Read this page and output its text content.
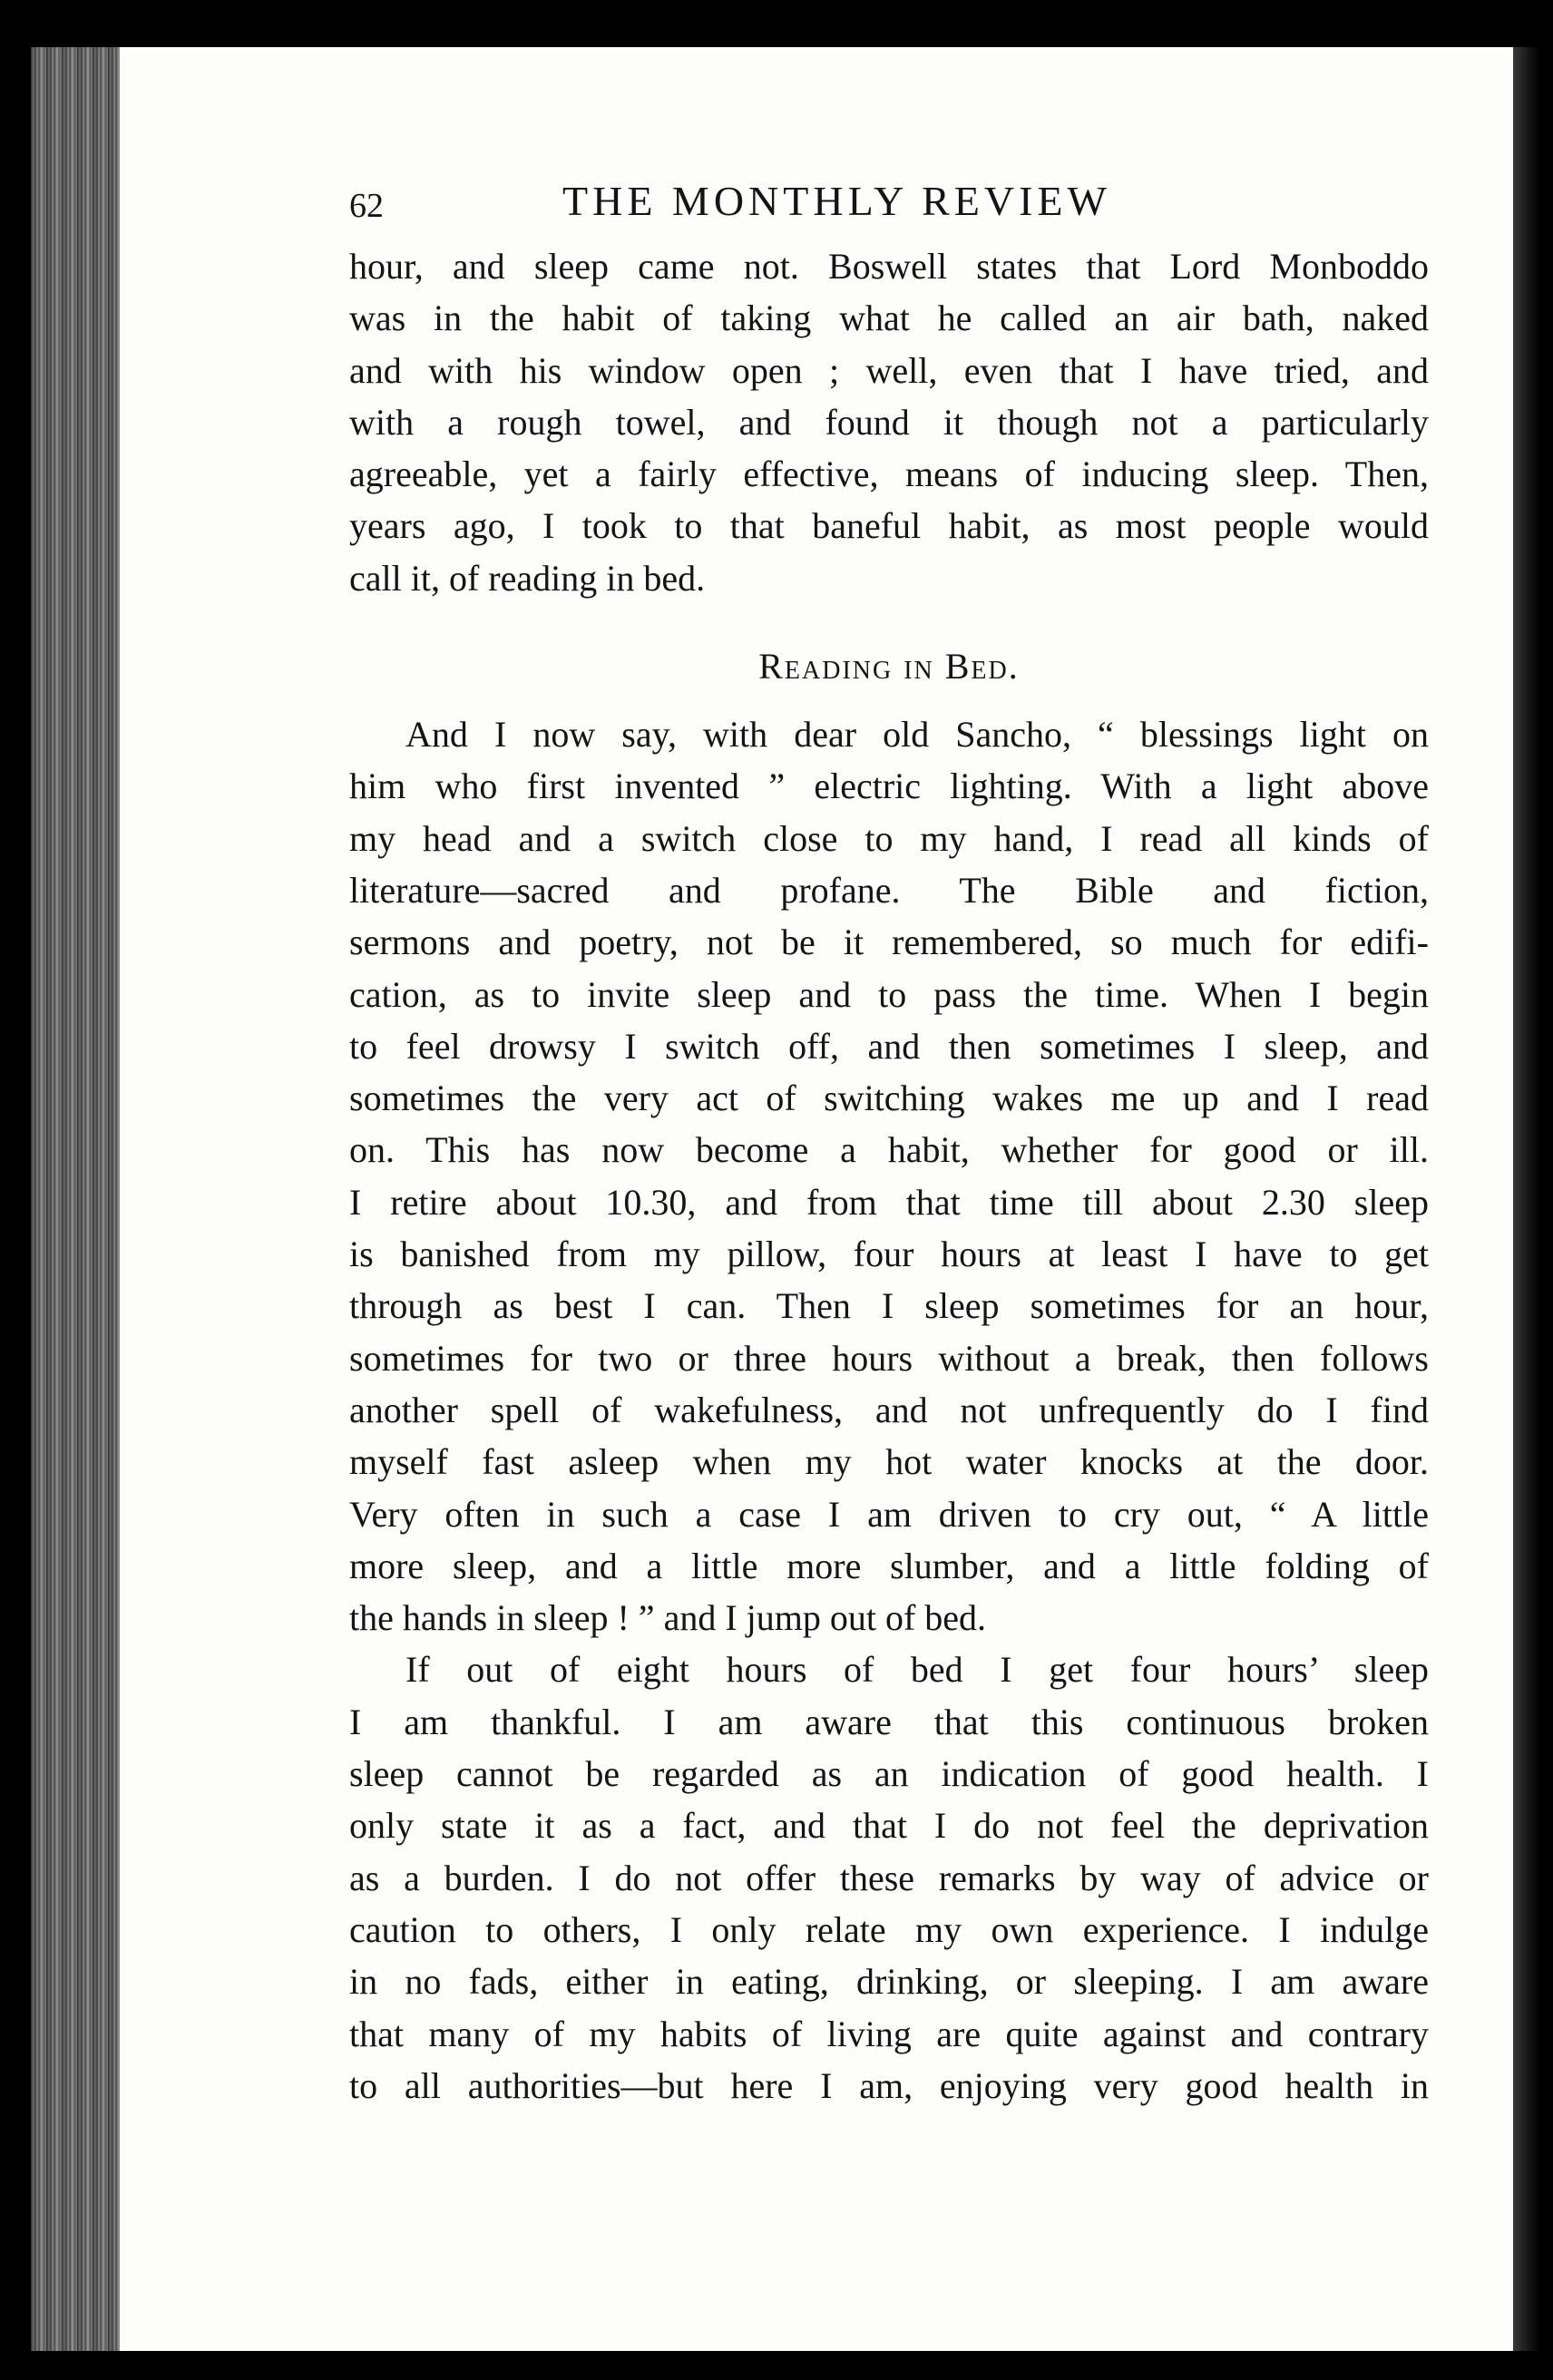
62	THE MONTHLY REVIEW

hour, and sleep came not. Boswell states that Lord Monboddo
was in the habit of taking what he called an air bath, naked
and with his window open ; well, even that I have tried, and
with a rough towel, and found it though not a particularly
agreeable, yet a fairly effective, means of inducing sleep. Then,
years ago, I took to that baneful habit, as most people would
call it, of reading in bed.

Reading in Bed.

And I now say, with dear old Sancho, “ blessings light on
him who first invented ” electric lighting. With a light above
my head and a switch close to my hand, I read all kinds of
literature—sacred and profane. The Bible and fiction,
sermons and poetry, not be it remembered, so much for edifi-
cation, as to invite sleep and to pass the time. When I begin
to feel drowsy I switch off, and then sometimes I sleep, and
sometimes the very act of switching wakes me up and I read
on. This has now become a habit, whether for good or ill.
I retire about 10.30, and from that time till about 2.30 sleep
is banished from my pillow, four hours at least I have to get
through as best I can. Then I sleep sometimes for an hour,
sometimes for two or three hours without a break, then follows
another spell of wakefulness, and not unfrequently do I find
myself fast asleep when my hot water knocks at the door.
Very often in such a case I am driven to cry out, “ A little
more sleep, and a little more slumber, and a little folding of
the hands in sleep ! ” and I jump out of bed.

If out of eight hours of bed I get four hours’ sleep
I am thankful. I am aware that this continuous broken
sleep cannot be regarded as an indication of good health. I
only state it as a fact, and that I do not feel the deprivation
as a burden. I do not offer these remarks by way of advice or
caution to others, I only relate my own experience. I indulge
in no fads, either in eating, drinking, or sleeping. I am aware
that many of my habits of living are quite against and contrary
to all authorities—but here I am, enjoying very good health in
